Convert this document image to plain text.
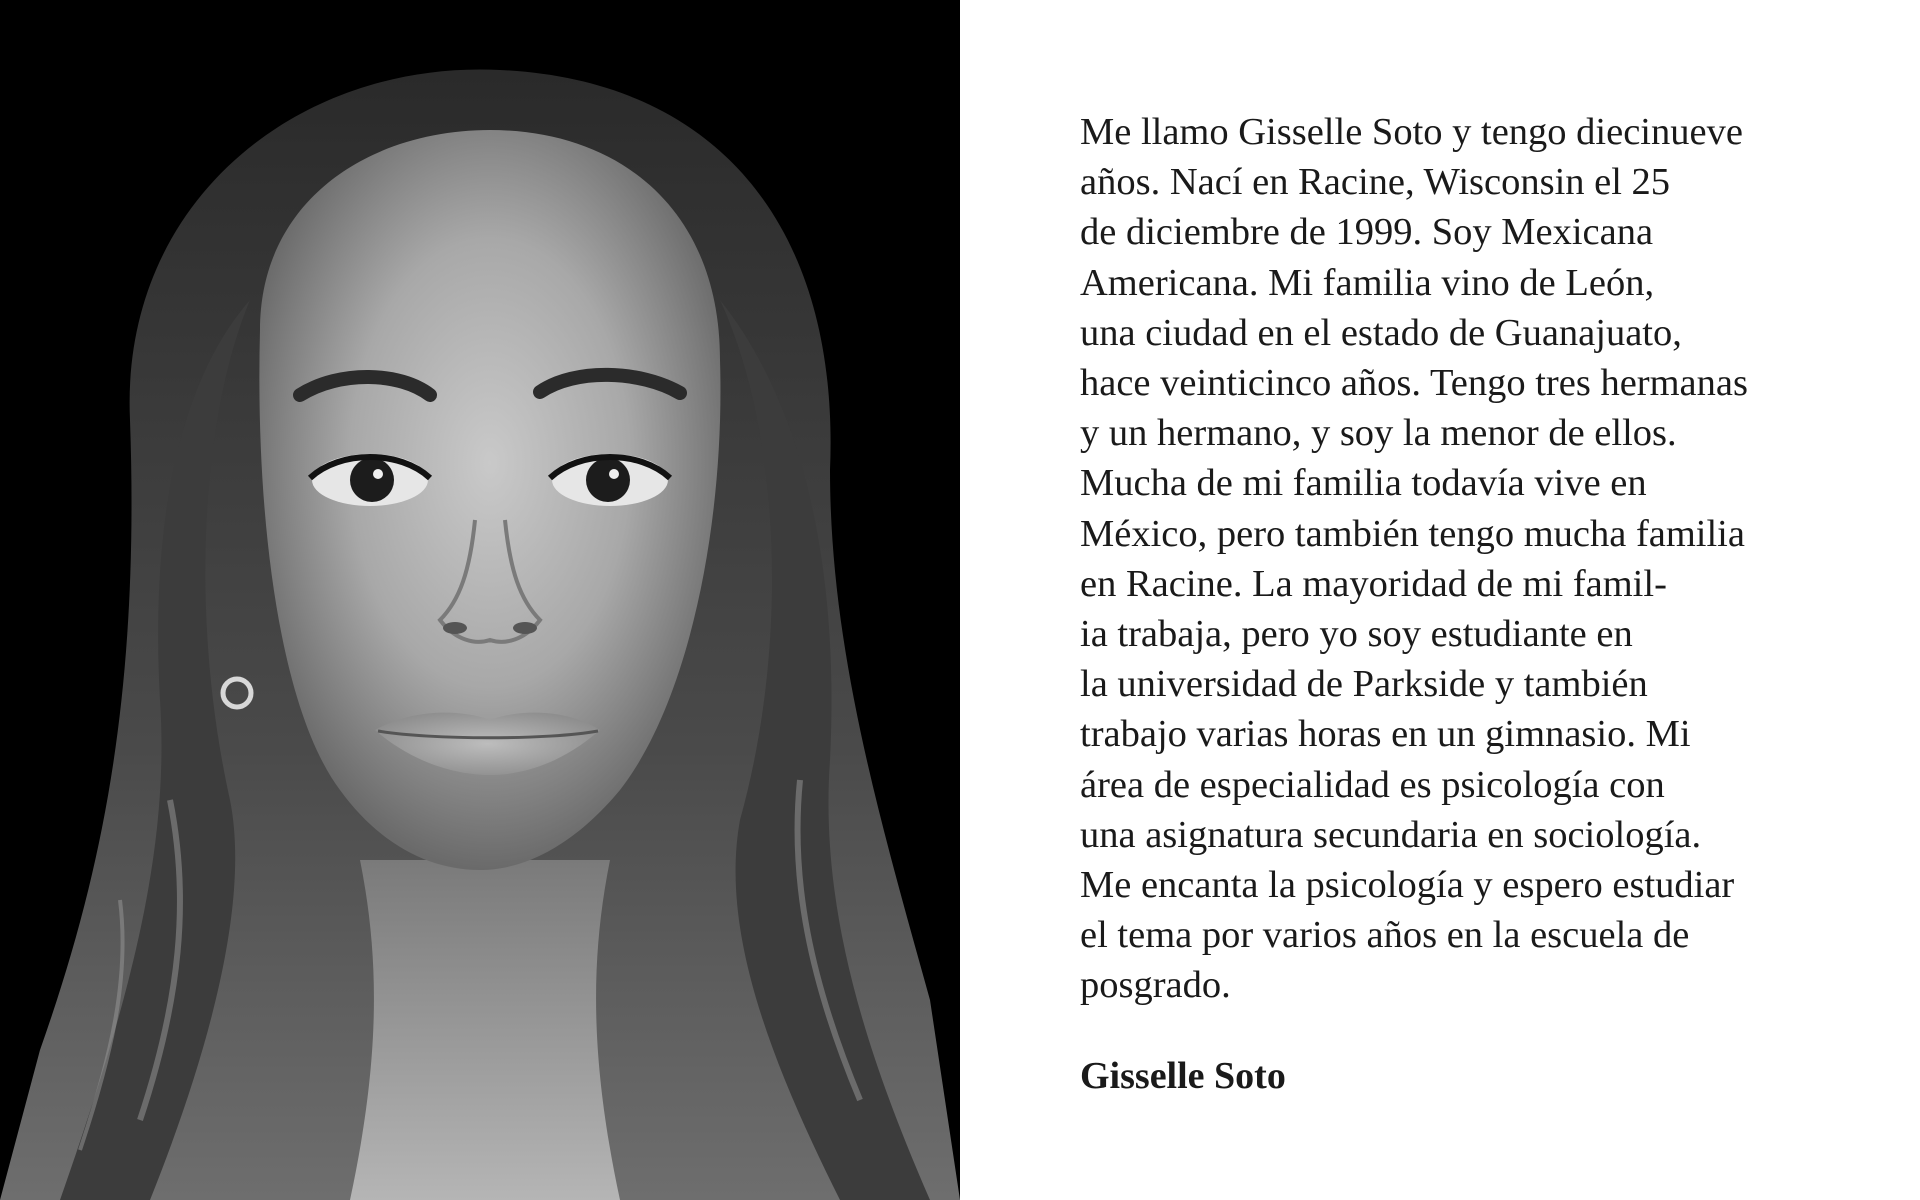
Me llamo Gisselle Soto y tengo diecinueve
años. Nací en Racine, Wisconsin el 25
de diciembre de 1999. Soy Mexicana
Americana. Mi familia vino de León,
una ciudad en el estado de Guanajuato,
hace veinticinco años. Tengo tres hermanas
y un hermano, y soy la menor de ellos.
Mucha de mi familia todavía vive en
México, pero también tengo mucha familia
en Racine. La mayoridad de mi famil-
ia trabaja, pero yo soy estudiante en
la universidad de Parkside y también
trabajo varias horas en un gimnasio. Mi
área de especialidad es psicología con
una asignatura secundaria en sociología.
Me encanta la psicología y espero estudiar
el tema por varios años en la escuela de
posgrado.
Gisselle Soto
